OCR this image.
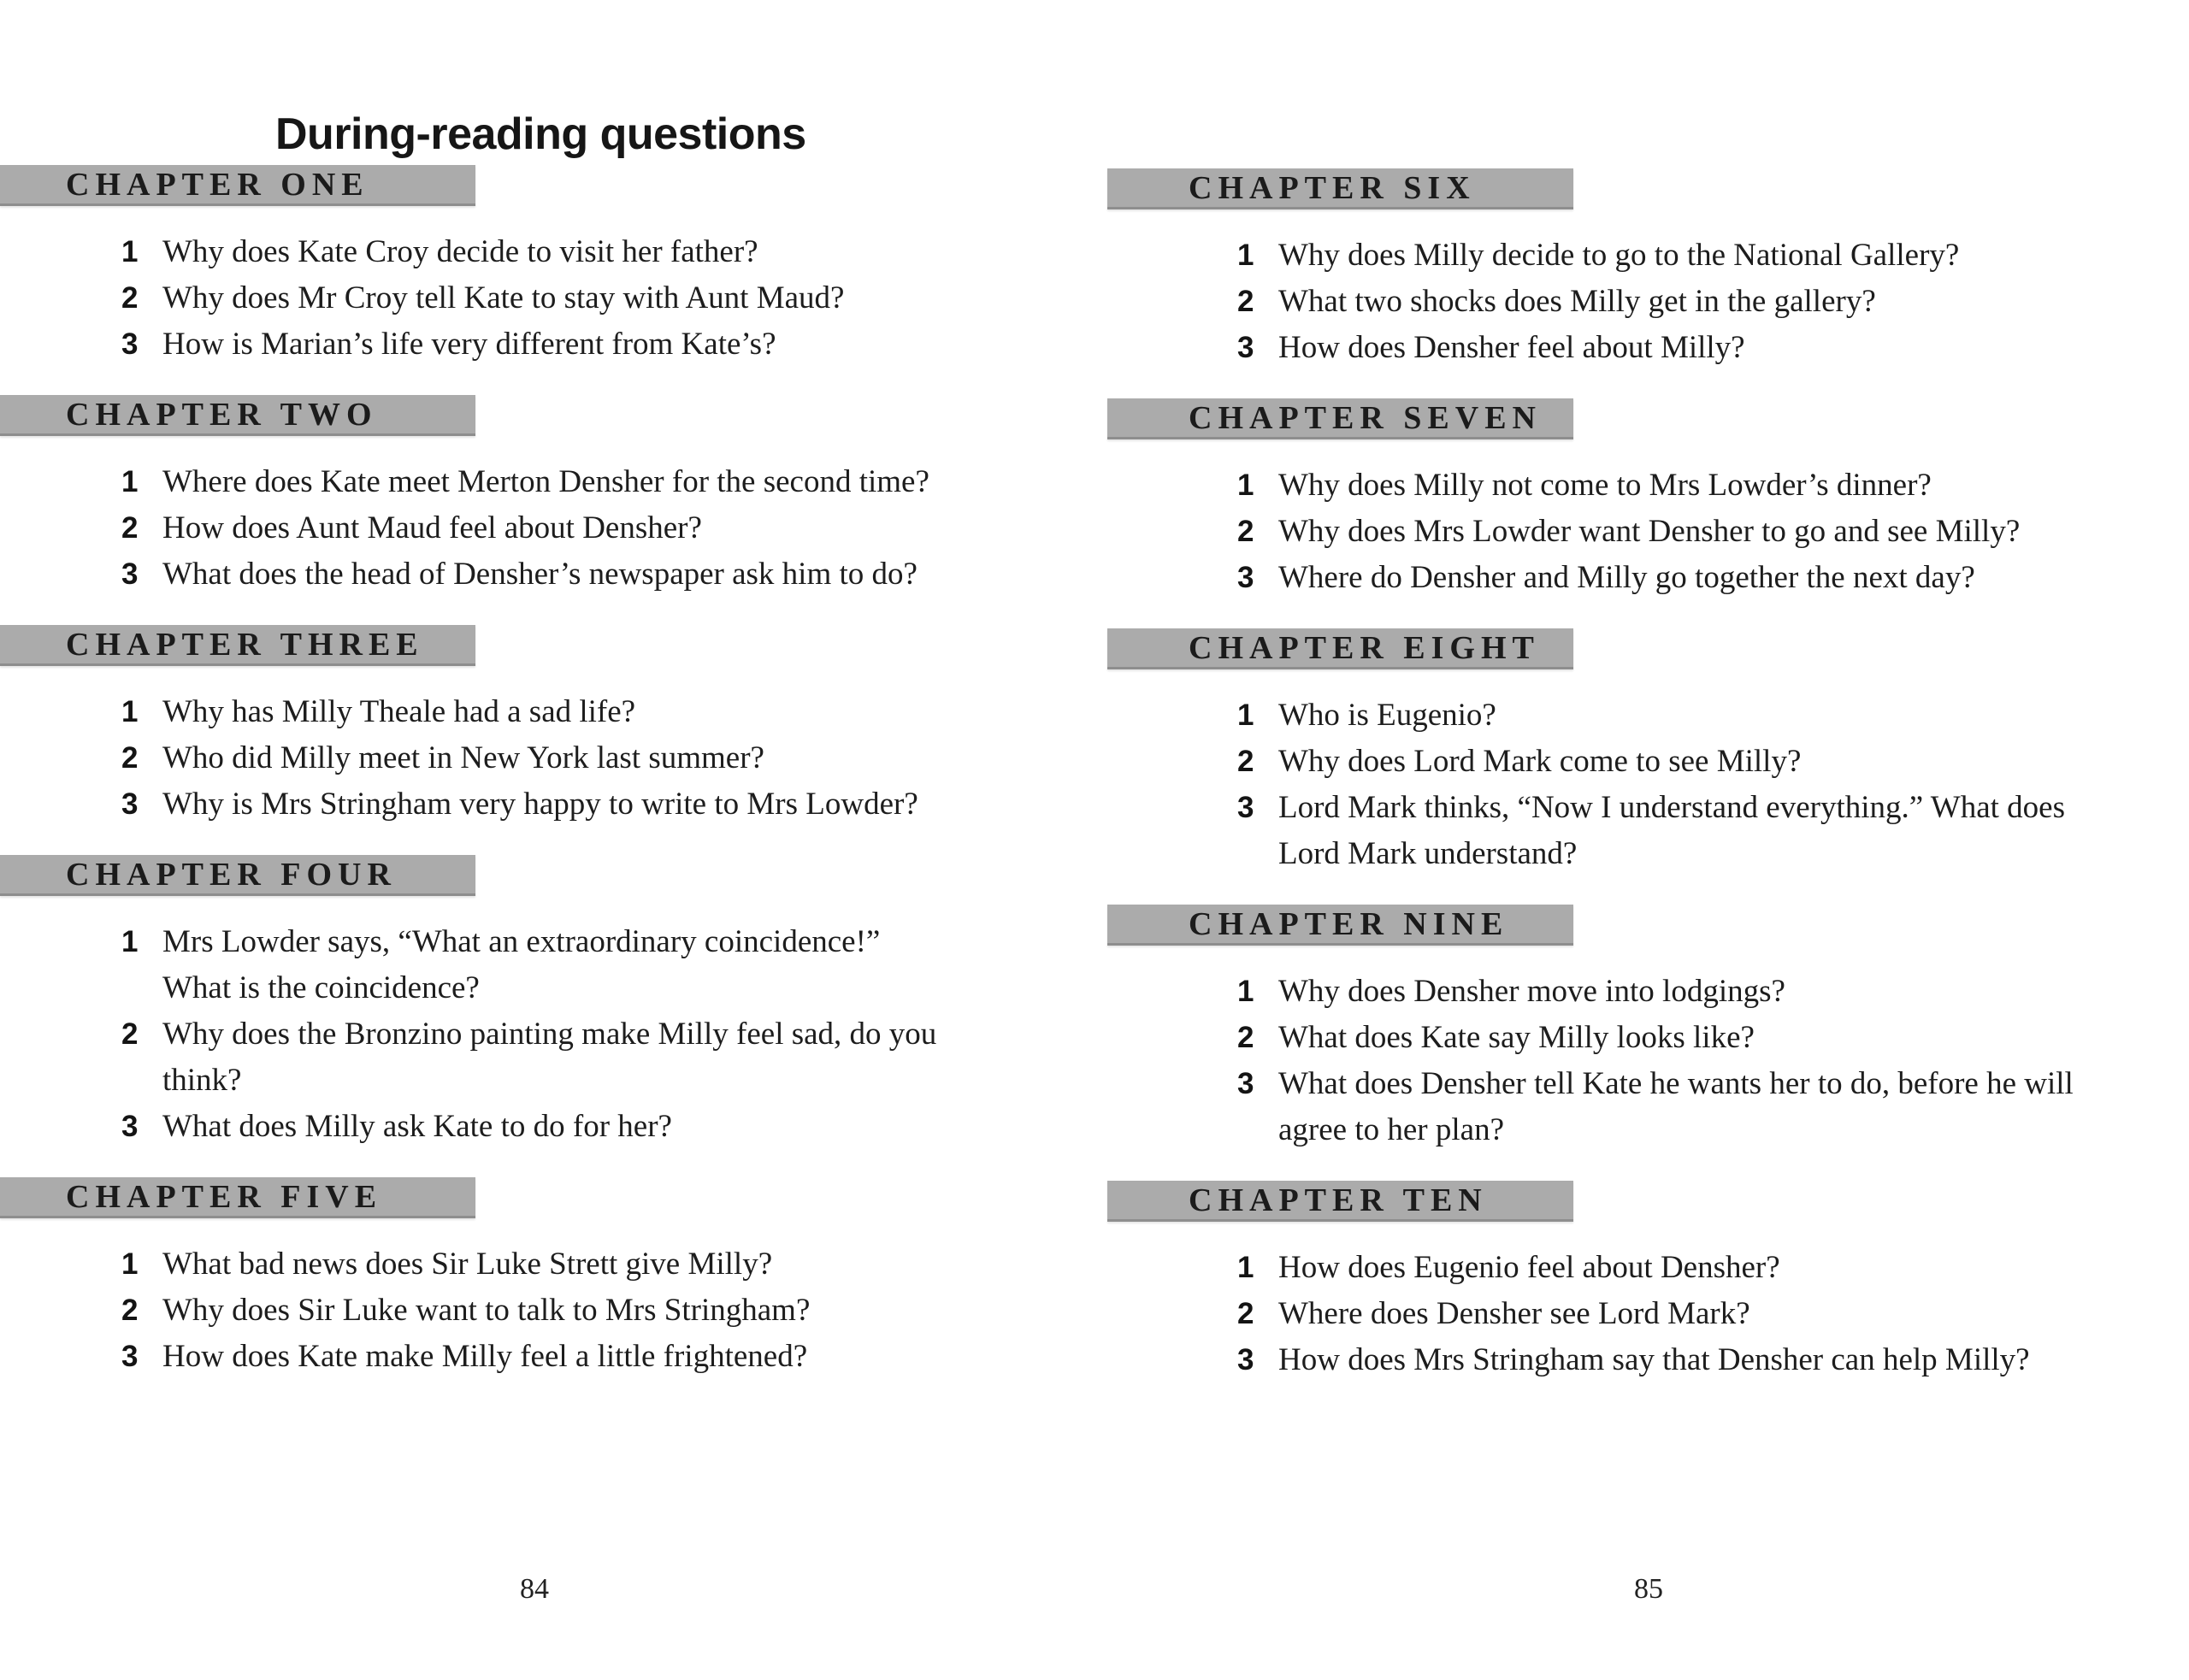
During-reading questions
CHAPTER ONE
1 Why does Kate Croy decide to visit her father?
2 Why does Mr Croy tell Kate to stay with Aunt Maud?
3 How is Marian’s life very different from Kate’s?
CHAPTER TWO
1 Where does Kate meet Merton Densher for the second time?
2 How does Aunt Maud feel about Densher?
3 What does the head of Densher’s newspaper ask him to do?
CHAPTER THREE
1 Why has Milly Theale had a sad life?
2 Who did Milly meet in New York last summer?
3 Why is Mrs Stringham very happy to write to Mrs Lowder?
CHAPTER FOUR
1 Mrs Lowder says, “What an extraordinary coincidence!” What is the coincidence?
2 Why does the Bronzino painting make Milly feel sad, do you think?
3 What does Milly ask Kate to do for her?
CHAPTER FIVE
1 What bad news does Sir Luke Strett give Milly?
2 Why does Sir Luke want to talk to Mrs Stringham?
3 How does Kate make Milly feel a little frightened?
CHAPTER SIX
1 Why does Milly decide to go to the National Gallery?
2 What two shocks does Milly get in the gallery?
3 How does Densher feel about Milly?
CHAPTER SEVEN
1 Why does Milly not come to Mrs Lowder’s dinner?
2 Why does Mrs Lowder want Densher to go and see Milly?
3 Where do Densher and Milly go together the next day?
CHAPTER EIGHT
1 Who is Eugenio?
2 Why does Lord Mark come to see Milly?
3 Lord Mark thinks, “Now I understand everything.” What does Lord Mark understand?
CHAPTER NINE
1 Why does Densher move into lodgings?
2 What does Kate say Milly looks like?
3 What does Densher tell Kate he wants her to do, before he will agree to her plan?
CHAPTER TEN
1 How does Eugenio feel about Densher?
2 Where does Densher see Lord Mark?
3 How does Mrs Stringham say that Densher can help Milly?
84	85
